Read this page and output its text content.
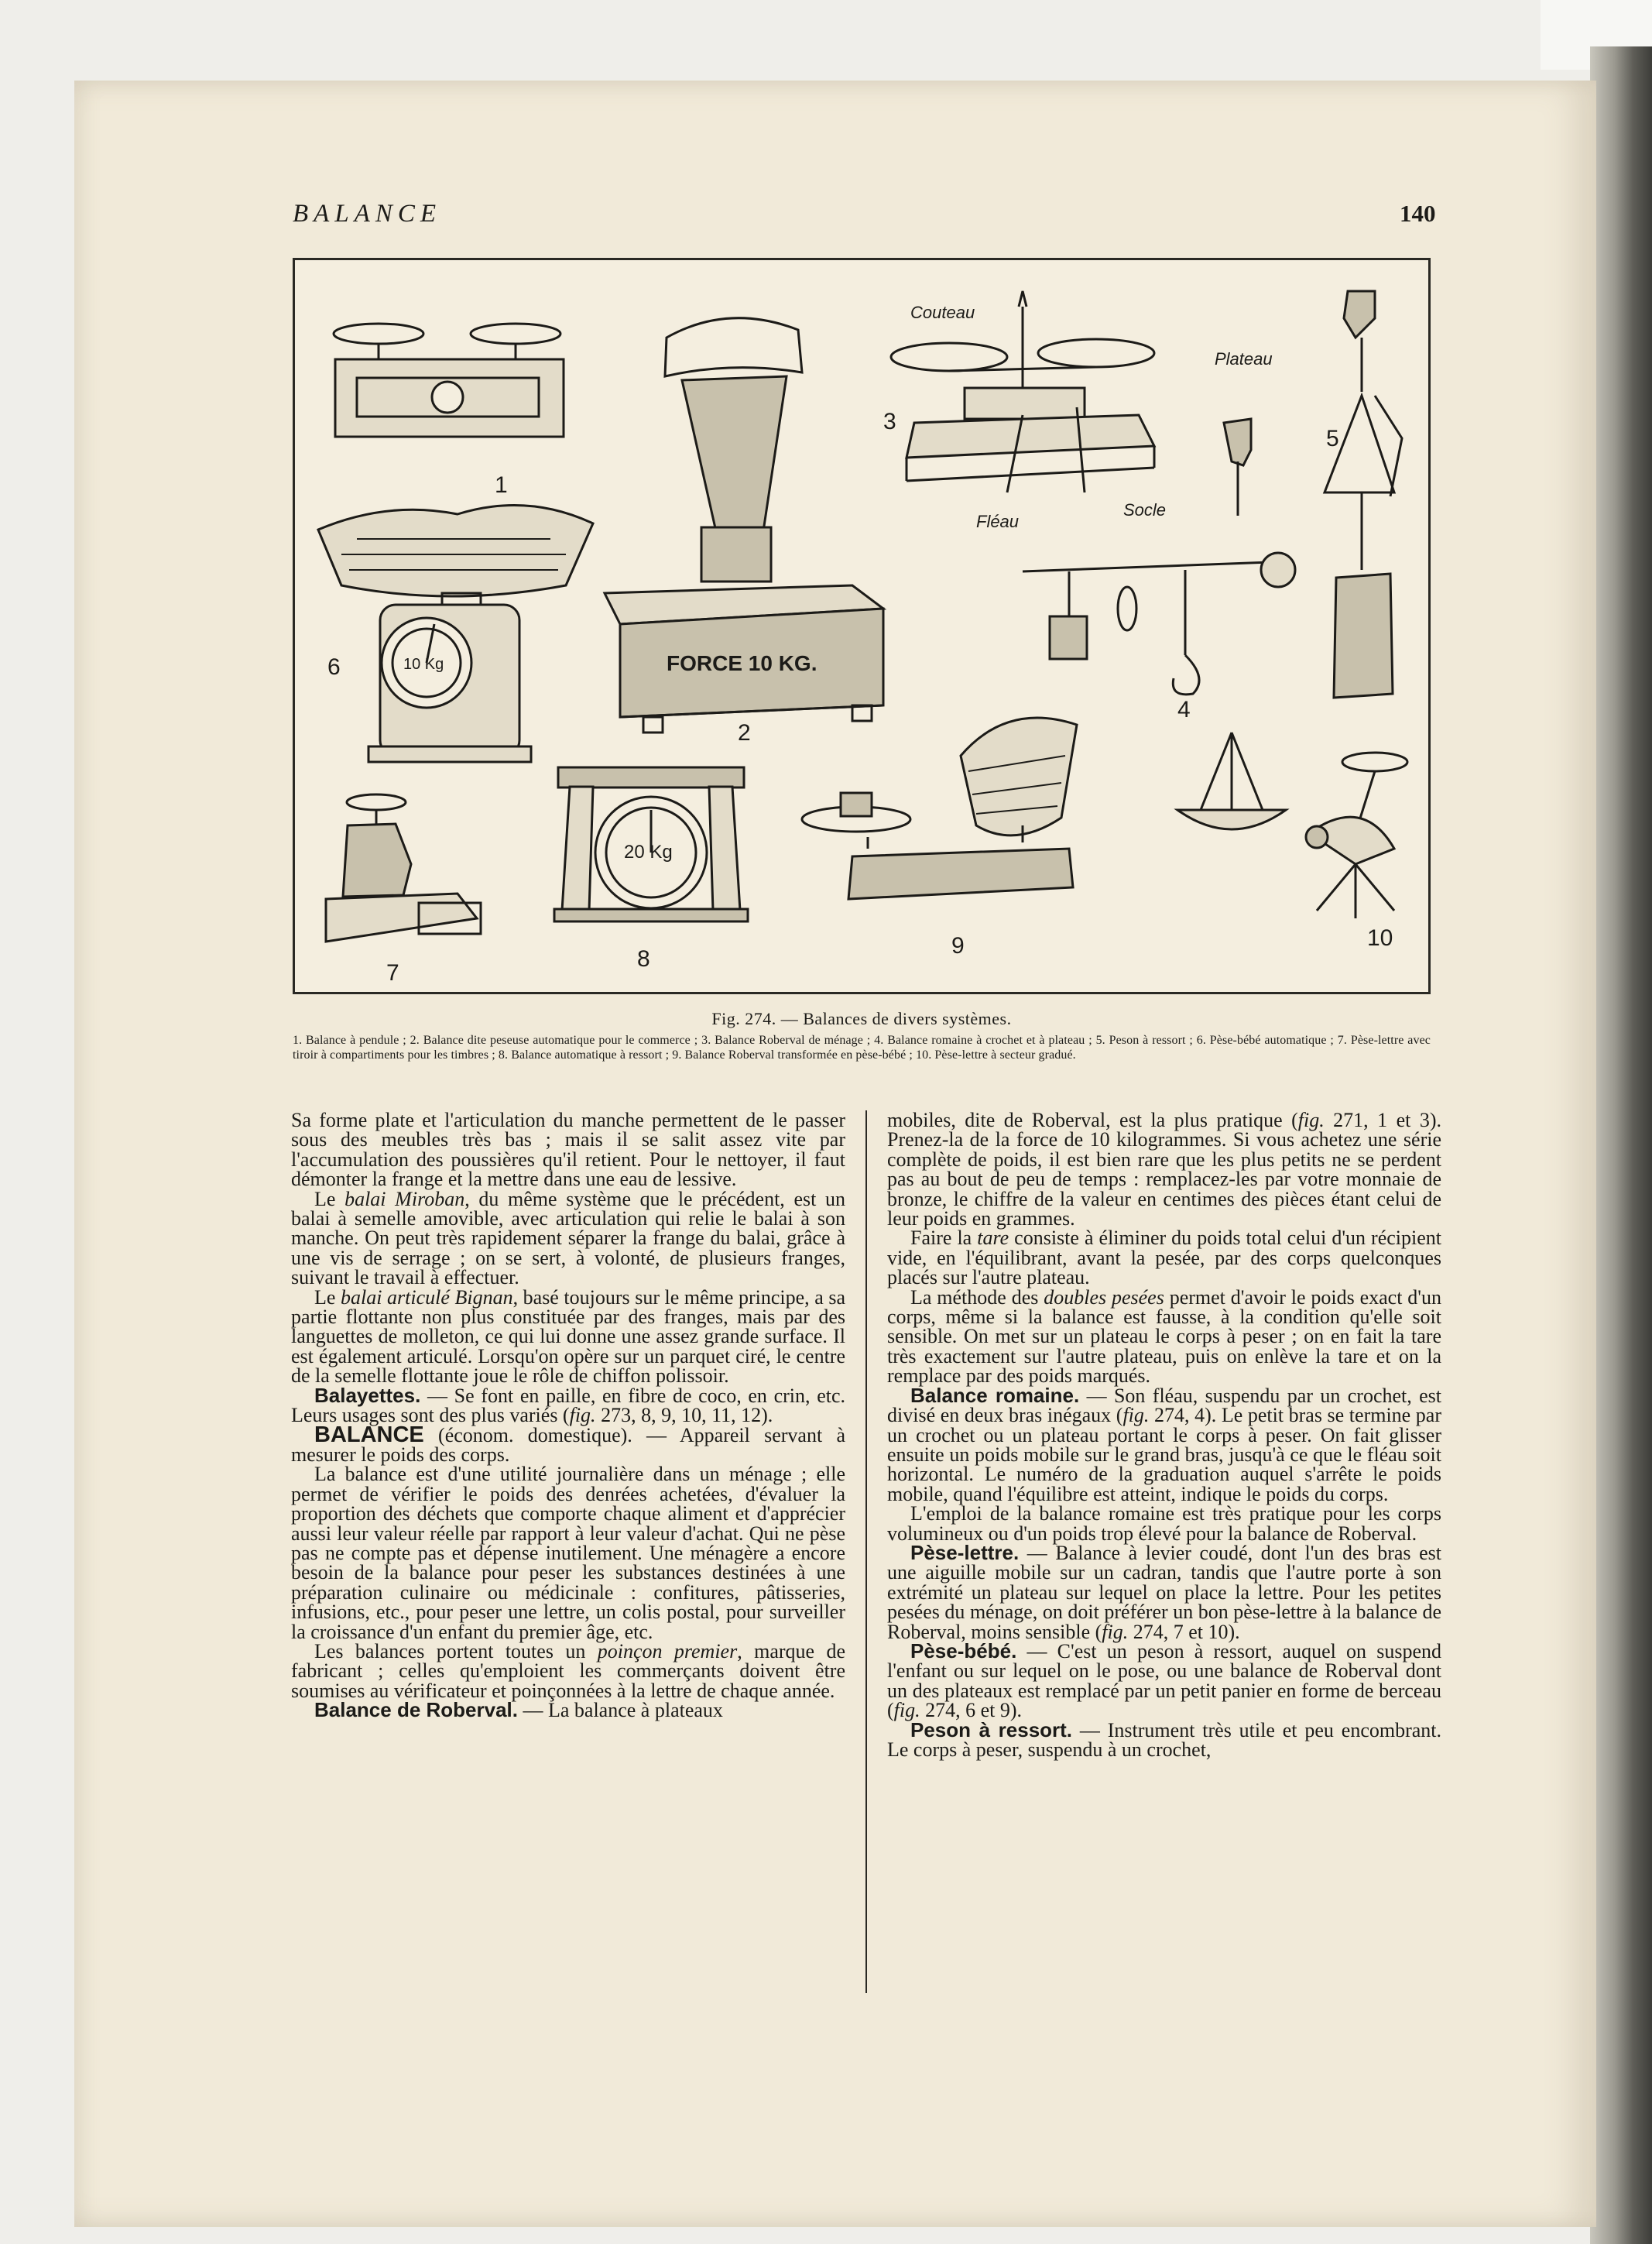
BALANCE	140
1
2
3
4
5
6
7
8
9	10
Couteau
Plateau
Fléau
Socle
10 Kg
20 Kg
FORCE 10 KG.
Fig. 274. — Balances de divers systèmes.
1. Balance à pendule ; 2. Balance dite peseuse automatique pour le commerce ; 3. Balance Roberval de ménage ; 4. Balance romaine à crochet et à plateau ; 5. Peson à ressort ; 6. Pèse-bébé automatique ; 7. Pèse-lettre avec tiroir à compartiments pour les timbres ; 8. Balance automatique à ressort ; 9. Balance Roberval transformée en pèse-bébé ; 10. Pèse-lettre à secteur gradué.

Sa forme plate et l'articulation du manche permettent de le passer sous des meubles très bas ; mais il se salit assez vite par l'accumulation des poussières qu'il retient. Pour le nettoyer, il faut démonter la frange et la mettre dans une eau de lessive.

Le balai Miroban, du même système que le précédent, est un balai à semelle amovible, avec articulation qui relie le balai à son manche. On peut très rapidement séparer la frange du balai, grâce à une vis de serrage ; on se sert, à volonté, de plusieurs franges, suivant le travail à effectuer.

Le balai articulé Bignan, basé toujours sur le même principe, a sa partie flottante non plus constituée par des franges, mais par des languettes de molleton, ce qui lui donne une assez grande surface. Il est également articulé. Lorsqu'on opère sur un parquet ciré, le centre de la semelle flottante joue le rôle de chiffon polissoir.

Balayettes. — Se font en paille, en fibre de coco, en crin, etc. Leurs usages sont des plus variés (fig. 273, 8, 9, 10, 11, 12).

BALANCE (économ. domestique). — Appareil servant à mesurer le poids des corps.

La balance est d'une utilité journalière dans un ménage ; elle permet de vérifier le poids des denrées achetées, d'évaluer la proportion des déchets que comporte chaque aliment et d'apprécier aussi leur valeur réelle par rapport à leur valeur d'achat. Qui ne pèse pas ne compte pas et dépense inutilement. Une ménagère a encore besoin de la balance pour peser les substances destinées à une préparation culinaire ou médicinale : confitures, pâtisseries, infusions, etc., pour peser une lettre, un colis postal, pour surveiller la croissance d'un enfant du premier âge, etc.

Les balances portent toutes un poinçon premier, marque de fabricant ; celles qu'emploient les commerçants doivent être soumises au vérificateur et poinçonnées à la lettre de chaque année.

Balance de Roberval. — La balance à plateaux

mobiles, dite de Roberval, est la plus pratique (fig. 271, 1 et 3). Prenez-la de la force de 10 kilogrammes. Si vous achetez une série complète de poids, il est bien rare que les plus petits ne se perdent pas au bout de peu de temps : remplacez-les par votre monnaie de bronze, le chiffre de la valeur en centimes des pièces étant celui de leur poids en grammes.

Faire la tare consiste à éliminer du poids total celui d'un récipient vide, en l'équilibrant, avant la pesée, par des corps quelconques placés sur l'autre plateau.

La méthode des doubles pesées permet d'avoir le poids exact d'un corps, même si la balance est fausse, à la condition qu'elle soit sensible. On met sur un plateau le corps à peser ; on en fait la tare très exactement sur l'autre plateau, puis on enlève la tare et on la remplace par des poids marqués.

Balance romaine. — Son fléau, suspendu par un crochet, est divisé en deux bras inégaux (fig. 274, 4). Le petit bras se termine par un crochet ou un plateau portant le corps à peser. On fait glisser ensuite un poids mobile sur le grand bras, jusqu'à ce que le fléau soit horizontal. Le numéro de la graduation auquel s'arrête le poids mobile, quand l'équilibre est atteint, indique le poids du corps.

L'emploi de la balance romaine est très pratique pour les corps volumineux ou d'un poids trop élevé pour la balance de Roberval.

Pèse-lettre. — Balance à levier coudé, dont l'un des bras est une aiguille mobile sur un cadran, tandis que l'autre porte à son extrémité un plateau sur lequel on place la lettre. Pour les petites pesées du ménage, on doit préférer un bon pèse-lettre à la balance de Roberval, moins sensible (fig. 274, 7 et 10).

Pèse-bébé. — C'est un peson à ressort, auquel on suspend l'enfant ou sur lequel on le pose, ou une balance de Roberval dont un des plateaux est remplacé par un petit panier en forme de berceau (fig. 274, 6 et 9).

Peson à ressort. — Instrument très utile et peu encombrant. Le corps à peser, suspendu à un crochet,
